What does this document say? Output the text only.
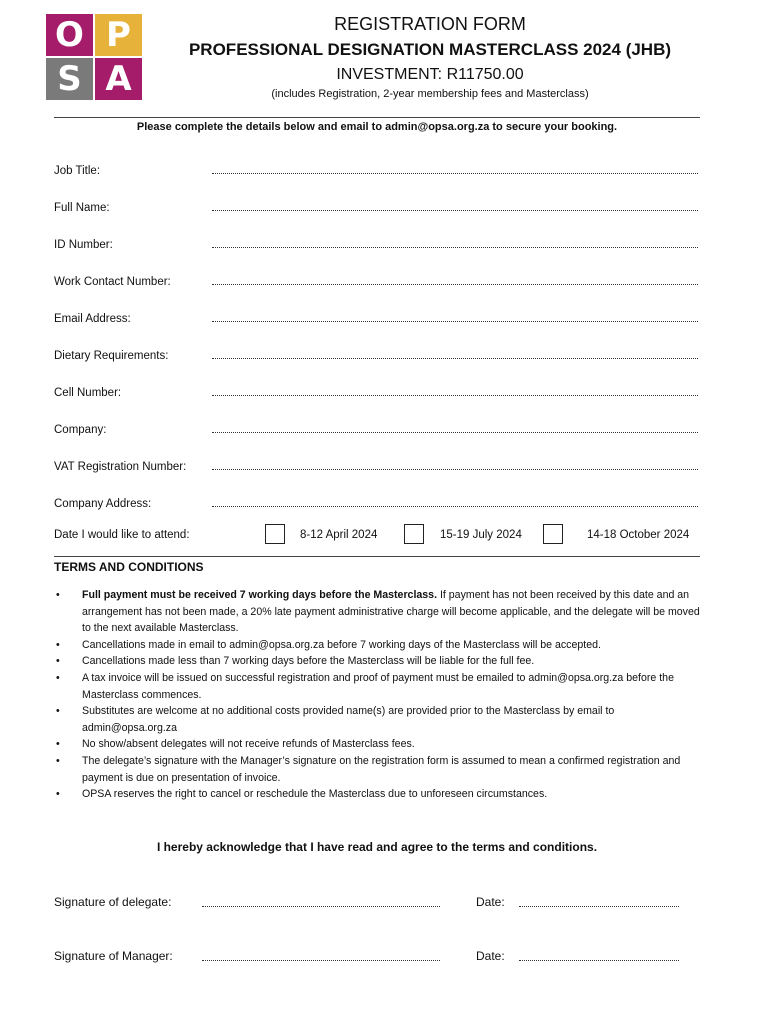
O P
S A
REGISTRATION FORM
PROFESSIONAL DESIGNATION MASTERCLASS 2024 (JHB)
INVESTMENT: R11750.00
(includes Registration, 2-year membership fees and Masterclass)
Please complete the details below and email to admin@opsa.org.za to secure your booking.
Job Title:
Full Name:
ID Number:
Work Contact Number:
Email Address:
Dietary Requirements:
Cell Number:
Company:
VAT Registration Number:
Company Address:
Date I would like to attend:	8-12 April 2024	15-19 July 2024	14-18 October 2024
TERMS AND CONDITIONS
• Full payment must be received 7 working days before the Masterclass. If payment has not been received by this date and an arrangement has not been made, a 20% late payment administrative charge will become applicable, and the delegate will be moved to the next available Masterclass.
• Cancellations made in email to admin@opsa.org.za before 7 working days of the Masterclass will be accepted.
• Cancellations made less than 7 working days before the Masterclass will be liable for the full fee.
• A tax invoice will be issued on successful registration and proof of payment must be emailed to admin@opsa.org.za before the Masterclass commences.
• Substitutes are welcome at no additional costs provided name(s) are provided prior to the Masterclass by email to admin@opsa.org.za
• No show/absent delegates will not receive refunds of Masterclass fees.
• The delegate’s signature with the Manager’s signature on the registration form is assumed to mean a confirmed registration and payment is due on presentation of invoice.
• OPSA reserves the right to cancel or reschedule the Masterclass due to unforeseen circumstances.
I hereby acknowledge that I have read and agree to the terms and conditions.
Signature of delegate:	Date:
Signature of Manager:	Date:
